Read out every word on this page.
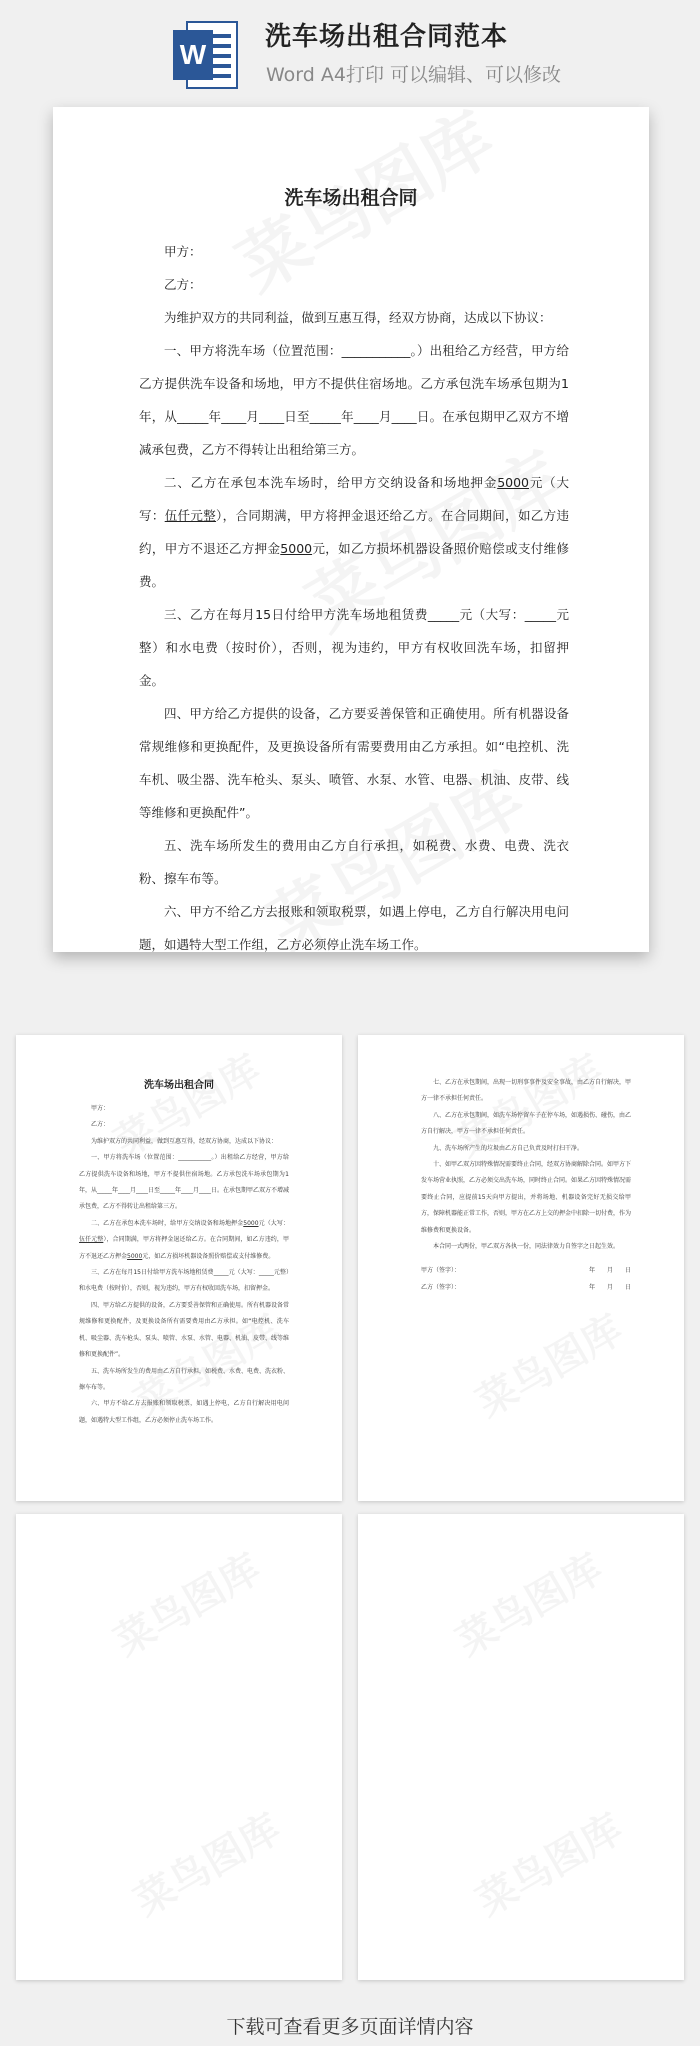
W
洗车场出租合同范本
Word A4打印 可以编辑、可以修改
洗车场出租合同

甲方：

乙方：

为维护双方的共同利益，做到互惠互得，经双方协商，达成以下协议：

一、甲方将洗车场（位置范围：___________。）出租给乙方经营，甲方给乙方提供洗车设备和场地，甲方不提供住宿场地。乙方承包洗车场承包期为1年，从_____年____月____日至_____年____月____日。在承包期甲乙双方不增减承包费，乙方不得转让出租给第三方。

二、乙方在承包本洗车场时，给甲方交纳设备和场地押金5000元（大写：伍仟元整），合同期满，甲方将押金退还给乙方。在合同期间，如乙方违约，甲方不退还乙方押金5000元，如乙方损坏机器设备照价赔偿或支付维修费。

三、乙方在每月15日付给甲方洗车场地租赁费_____元（大写：_____元整）和水电费（按时价），否则，视为违约，甲方有权收回洗车场，扣留押金。

四、甲方给乙方提供的设备，乙方要妥善保管和正确使用。所有机器设备常规维修和更换配件，及更换设备所有需要费用由乙方承担。如“电控机、洗车机、吸尘器、洗车枪头、泵头、喷管、水泵、水管、电器、机油、皮带、线等维修和更换配件”。

五、洗车场所发生的费用由乙方自行承担，如税费、水费、电费、洗衣粉、擦车布等。

六、甲方不给乙方去报账和领取税票，如遇上停电，乙方自行解决用电问题，如遇特大型工作组，乙方必须停止洗车场工作。

洗车场出租合同

甲方：

乙方：

为维护双方的共同利益，做到互惠互得，经双方协商，达成以下协议：

一、甲方将洗车场（位置范围：___________。）出租给乙方经营，甲方给乙方提供洗车设备和场地，甲方不提供住宿场地。乙方承包洗车场承包期为1年，从_____年____月____日至_____年____月____日。在承包期甲乙双方不增减承包费，乙方不得转让出租给第三方。

二、乙方在承包本洗车场时，给甲方交纳设备和场地押金5000元（大写：伍仟元整），合同期满，甲方将押金退还给乙方。在合同期间，如乙方违约，甲方不退还乙方押金5000元，如乙方损坏机器设备照价赔偿或支付维修费。

三、乙方在每月15日付给甲方洗车场地租赁费_____元（大写：_____元整）和水电费（按时价），否则，视为违约，甲方有权收回洗车场，扣留押金。

四、甲方给乙方提供的设备，乙方要妥善保管和正确使用。所有机器设备常规维修和更换配件，及更换设备所有需要费用由乙方承担。如“电控机、洗车机、吸尘器、洗车枪头、泵头、喷管、水泵、水管、电器、机油、皮带、线等维修和更换配件”。

五、洗车场所发生的费用由乙方自行承担，如税费、水费、电费、洗衣粉、擦车布等。

六、甲方不给乙方去报账和领取税票，如遇上停电，乙方自行解决用电问题，如遇特大型工作组，乙方必须停止洗车场工作。

七、乙方在承包期间，出现一切刑事事件及安全事故，由乙方自行解决，甲方一律不承担任何责任。

八、乙方在承包期间，如洗车场停留车子在停车场，如遇损伤、碰伤，由乙方自行解决，甲方一律不承担任何责任。

九、洗车场所产生的垃圾由乙方自己负责及时打扫干净。

十、如甲乙双方因特殊情况需要终止合同，经双方协商解除合同。如甲方下发车场营业执照，乙方必须交出洗车场，同时终止合同。如果乙方因特殊情况需要终止合同，应提前15天向甲方提出，并将场地、机器设备完好无损交给甲方，保障机器能正常工作，否则，甲方在乙方上交的押金中扣除一切付费，作为维修费和更换设备。

本合同一式两份，甲乙双方各执一份，同法律效力自签字之日起生效。

甲方（签字）：	年　　月　　日
乙方（签字）：	年　　月　　日
下载可查看更多页面详情内容
